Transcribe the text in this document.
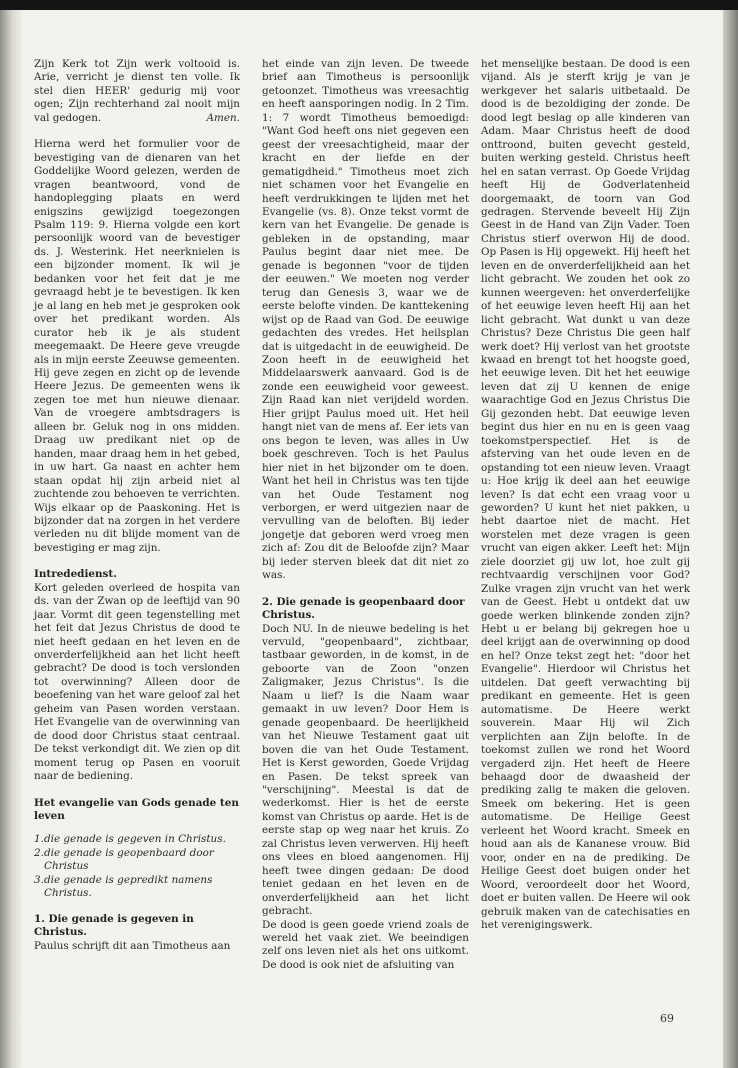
Zijn Kerk tot Zijn werk voltooid is. Arie, verricht je dienst ten volle. Ik stel dien HEER' gedurig mij voor ogen; Zijn rechterhand zal nooit mijn val gedogen.	Amen.

Hierna werd het formulier voor de bevestiging van de dienaren van het Goddelijke Woord gelezen, werden de vragen beantwoord, vond de handoplegging plaats en werd enigszins gewijzigd toegezongen Psalm 119: 9. Hierna volgde een kort persoonlijk woord van de bevestiger ds. J. Westerink. Het neerknielen is een bijzonder moment. Ik wil je bedanken voor het feit dat je me gevraagd hebt je te bevestigen. Ik ken je al lang en heb met je gesproken ook over het predikant worden. Als curator heb ik je als student meegemaakt. De Heere geve vreugde als in mijn eerste Zeeuwse gemeenten. Hij geve zegen en zicht op de levende Heere Jezus. De gemeenten wens ik zegen toe met hun nieuwe dienaar. Van de vroegere ambtsdragers is alleen br. Geluk nog in ons midden. Draag uw predikant niet op de handen, maar draag hem in het gebed, in uw hart. Ga naast en achter hem staan opdat hij zijn arbeid niet al zuchtende zou behoeven te verrichten. Wijs elkaar op de Paaskoning. Het is bijzonder dat na zorgen in het verdere verleden nu dit blijde moment van de bevestiging er mag zijn.

Intrededienst.

Kort geleden overleed de hospita van ds. van der Zwan op de leeftijd van 90 jaar. Vormt dit geen tegenstelling met het feit dat Jezus Christus de dood te niet heeft gedaan en het leven en de onverderfelijkheid aan het licht heeft gebracht? De dood is toch verslonden tot overwinning? Alleen door de beoefening van het ware geloof zal het geheim van Pasen worden verstaan. Het Evangelie van de overwinning van de dood door Christus staat centraal. De tekst verkondigt dit. We zien op dit moment terug op Pasen en vooruit naar de bediening.

Het evangelie van Gods genade ten leven
1. die genade is gegeven in Christus.
2. die genade is geopenbaard door Christus
3. die genade is gepredikt namens Christus.
1. Die genade is gegeven in Christus.

Paulus schrijft dit aan Timotheus aan

het einde van zijn leven. De tweede brief aan Timotheus is persoonlijk getoonzet. Timotheus was vreesachtig en heeft aansporingen nodig. In 2 Tim. 1: 7 wordt Timotheus bemoedigd: "Want God heeft ons niet gegeven een geest der vreesachtigheid, maar der kracht en der liefde en der gematigdheid." Timotheus moet zich niet schamen voor het Evangelie en heeft verdrukkingen te lijden met het Evangelie (vs. 8). Onze tekst vormt de kern van het Evangelie. De genade is gebleken in de opstanding, maar Paulus begint daar niet mee. De genade is begonnen "voor de tijden der eeuwen." We moeten nog verder terug dan Genesis 3, waar we de eerste belofte vinden. De kanttekening wijst op de Raad van God. De eeuwige gedachten des vredes. Het heilsplan dat is uitgedacht in de eeuwigheid. De Zoon heeft in de eeuwigheid het Middelaarswerk aanvaard. God is de zonde een eeuwigheid voor geweest. Zijn Raad kan niet verijdeld worden. Hier grijpt Paulus moed uit. Het heil hangt niet van de mens af. Eer iets van ons begon te leven, was alles in Uw boek geschreven. Toch is het Paulus hier niet in het bijzonder om te doen. Want het heil in Christus was ten tijde van het Oude Testament nog verborgen, er werd uitgezien naar de vervulling van de beloften. Bij ieder jongetje dat geboren werd vroeg men zich af: Zou dit de Beloofde zijn? Maar bij ieder sterven bleek dat dit niet zo was.

2. Die genade is geopenbaard door Christus.

Doch NU. In de nieuwe bedeling is het vervuld, "geopenbaard", zichtbaar, tastbaar geworden, in de komst, in de geboorte van de Zoon "onzen Zaligmaker, Jezus Christus". Is die Naam u lief? Is die Naam waar gemaakt in uw leven? Door Hem is genade geopenbaard. De heerlijkheid van het Nieuwe Testament gaat uit boven die van het Oude Testament. Het is Kerst geworden, Goede Vrijdag en Pasen. De tekst spreek van "verschijning". Meestal is dat de wederkomst. Hier is het de eerste komst van Christus op aarde. Het is de eerste stap op weg naar het kruis. Zo zal Christus leven verwerven. Hij heeft ons vlees en bloed aangenomen. Hij heeft twee dingen gedaan: De dood teniet gedaan en het leven en de onverderfelijkheid aan het licht gebracht.

De dood is geen goede vriend zoals de wereld het vaak ziet. We beeindigen zelf ons leven niet als het ons uitkomt. De dood is ook niet de afsluiting van

het menselijke bestaan. De dood is een vijand. Als je sterft krijg je van je werkgever het salaris uitbetaald. De dood is de bezoldiging der zonde. De dood legt beslag op alle kinderen van Adam. Maar Christus heeft de dood onttroond, buiten gevecht gesteld, buiten werking gesteld. Christus heeft hel en satan verrast. Op Goede Vrijdag heeft Hij de Godverlatenheid doorgemaakt, de toorn van God gedragen. Stervende beveelt Hij Zijn Geest in de Hand van Zijn Vader. Toen Christus stierf overwon Hij de dood. Op Pasen is Hij opgewekt. Hij heeft het leven en de onverderfelijkheid aan het licht gebracht. We zouden het ook zo kunnen weergeven: het onverderfelijke of het eeuwige leven heeft Hij aan het licht gebracht. Wat dunkt u van deze Christus? Deze Christus Die geen half werk doet? Hij verlost van het grootste kwaad en brengt tot het hoogste goed, het eeuwige leven. Dit het het eeuwige leven dat zij U kennen de enige waarachtige God en Jezus Christus Die Gij gezonden hebt. Dat eeuwige leven begint dus hier en nu en is geen vaag toekomstperspectief. Het is de afsterving van het oude leven en de opstanding tot een nieuw leven. Vraagt u: Hoe krijg ik deel aan het eeuwige leven? Is dat echt een vraag voor u geworden? U kunt het niet pakken, u hebt daartoe niet de macht. Het worstelen met deze vragen is geen vrucht van eigen akker. Leeft het: Mijn ziele doorziet gij uw lot, hoe zult gij rechtvaardig verschijnen voor God? Zulke vragen zijn vrucht van het werk van de Geest. Hebt u ontdekt dat uw goede werken blinkende zonden zijn? Hebt u er belang bij gekregen hoe u deel krijgt aan de overwinning op dood en hel? Onze tekst zegt het: "door het Evangelie". Hierdoor wil Christus het uitdelen. Dat geeft verwachting bij predikant en gemeente. Het is geen automatisme. De Heere werkt souverein. Maar Hij wil Zich verplichten aan Zijn belofte. In de toekomst zullen we rond het Woord vergaderd zijn. Het heeft de Heere behaagd door de dwaasheid der prediking zalig te maken die geloven. Smeek om bekering. Het is geen automatisme. De Heilige Geest verleent het Woord kracht. Smeek en houd aan als de Kananese vrouw. Bid voor, onder en na de prediking. De Heilige Geest doet buigen onder het Woord, veroordeelt door het Woord, doet er buiten vallen. De Heere wil ook gebruik maken van de catechisaties en het verenigingswerk.

69
